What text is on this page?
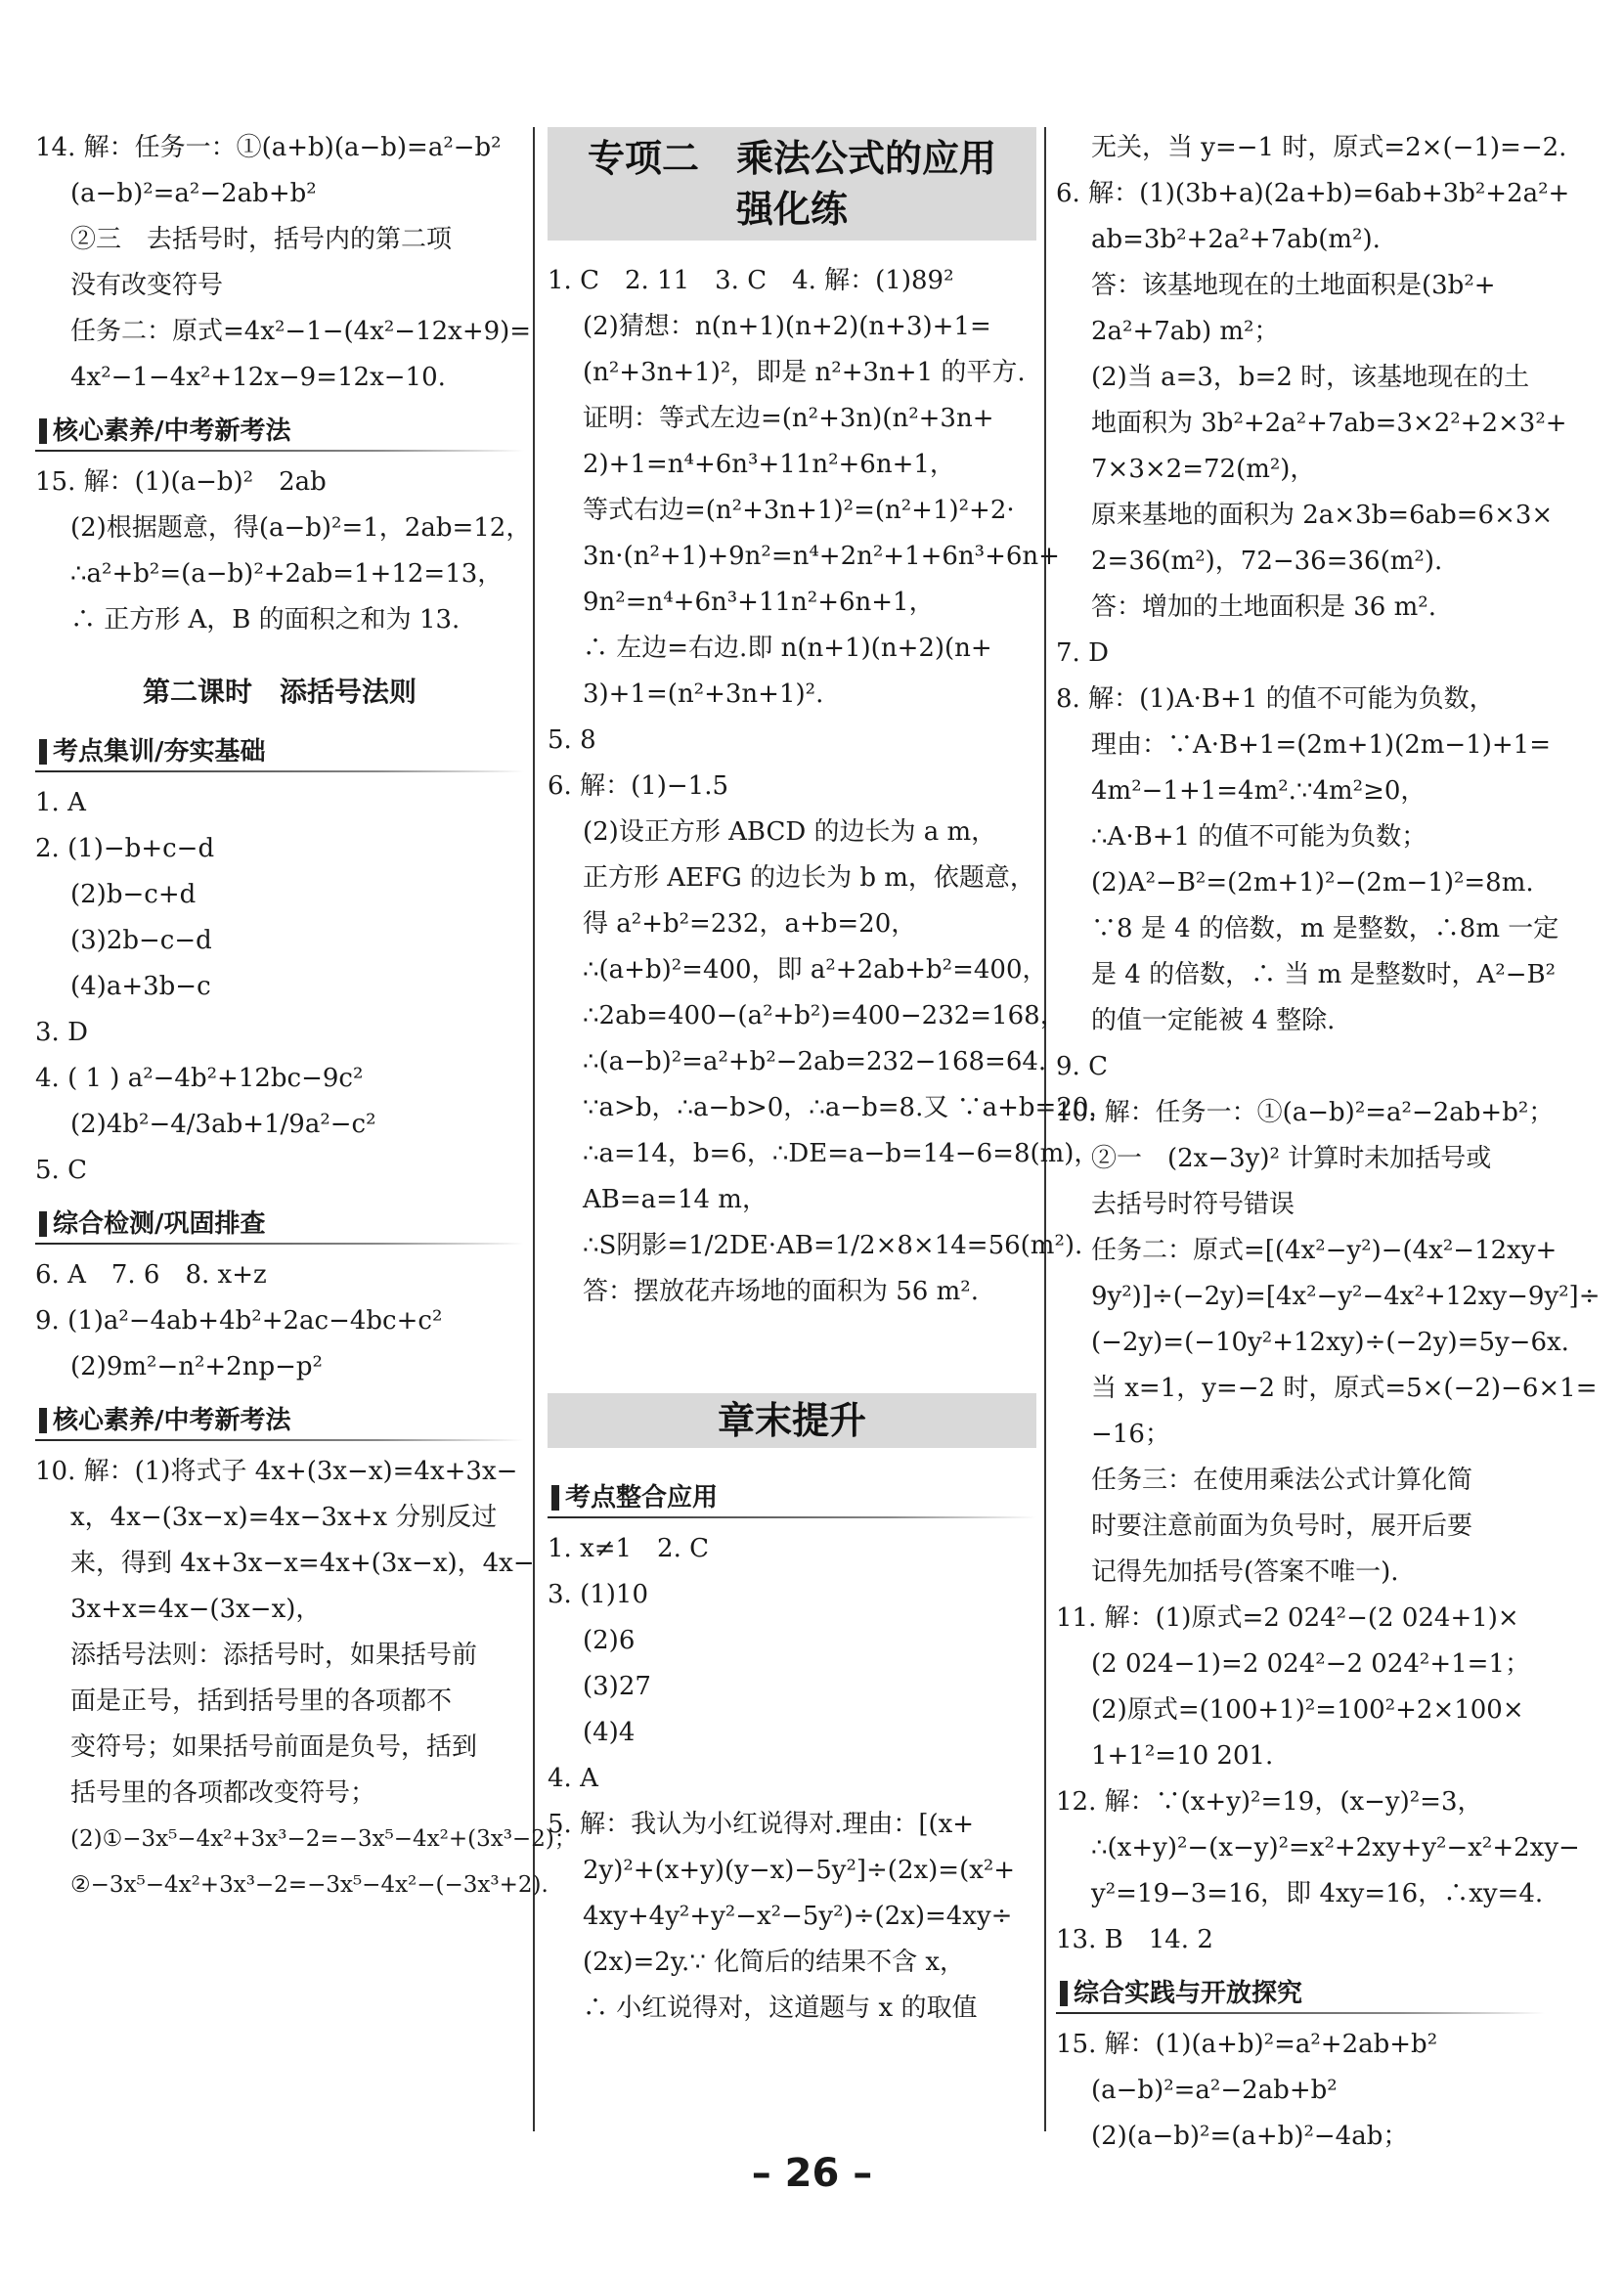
14. 解：任务一：①(a+b)(a−b)=a²−b²
(a−b)²=a²−2ab+b²
②三　去括号时，括号内的第二项
没有改变符号
任务二：原式=4x²−1−(4x²−12x+9)=
4x²−1−4x²+12x−9=12x−10.
核心素养/中考新考法
15. 解：(1)(a−b)²　2ab
(2)根据题意，得(a−b)²=1，2ab=12，
∴a²+b²=(a−b)²+2ab=1+12=13，
∴ 正方形 A，B 的面积之和为 13.
第二课时　添括号法则
考点集训/夯实基础
1. A
2. (1)−b+c−d
(2)b−c+d
(3)2b−c−d
(4)a+3b−c
3. D
4. ( 1 ) a²−4b²+12bc−9c²
(2)4b²−4/3ab+1/9a²−c²
5. C
综合检测/巩固排查
6. A　7. 6　8. x+z
9. (1)a²−4ab+4b²+2ac−4bc+c²
(2)9m²−n²+2np−p²
核心素养/中考新考法
10. 解：(1)将式子 4x+(3x−x)=4x+3x−
x，4x−(3x−x)=4x−3x+x 分别反过
来，得到 4x+3x−x=4x+(3x−x)，4x−
3x+x=4x−(3x−x)，
添括号法则：添括号时，如果括号前
面是正号，括到括号里的各项都不
变符号；如果括号前面是负号，括到
括号里的各项都改变符号；
(2)①−3x⁵−4x²+3x³−2=−3x⁵−4x²+(3x³−2)；
②−3x⁵−4x²+3x³−2=−3x⁵−4x²−(−3x³+2).
专项二　乘法公式的应用
强化练
1. C　2. 11　3. C　4. 解：(1)89²
(2)猜想：n(n+1)(n+2)(n+3)+1=
(n²+3n+1)²，即是 n²+3n+1 的平方.
证明：等式左边=(n²+3n)(n²+3n+
2)+1=n⁴+6n³+11n²+6n+1，
等式右边=(n²+3n+1)²=(n²+1)²+2·
3n·(n²+1)+9n²=n⁴+2n²+1+6n³+6n+
9n²=n⁴+6n³+11n²+6n+1，
∴ 左边=右边.即 n(n+1)(n+2)(n+
3)+1=(n²+3n+1)².
5. 8
6. 解：(1)−1.5
(2)设正方形 ABCD 的边长为 a m，
正方形 AEFG 的边长为 b m，依题意，
得 a²+b²=232，a+b=20，
∴(a+b)²=400，即 a²+2ab+b²=400，
∴2ab=400−(a²+b²)=400−232=168，
∴(a−b)²=a²+b²−2ab=232−168=64.
∵a>b，∴a−b>0，∴a−b=8.又 ∵a+b=20，
∴a=14，b=6，∴DE=a−b=14−6=8(m)，
AB=a=14 m，
∴S阴影=1/2DE·AB=1/2×8×14=56(m²).
答：摆放花卉场地的面积为 56 m².
章末提升
考点整合应用
1. x≠1　2. C
3. (1)10
(2)6
(3)27
(4)4
4. A
5. 解：我认为小红说得对.理由：[(x+
2y)²+(x+y)(y−x)−5y²]÷(2x)=(x²+
4xy+4y²+y²−x²−5y²)÷(2x)=4xy÷
(2x)=2y.∵ 化简后的结果不含 x，
∴ 小红说得对，这道题与 x 的取值
无关，当 y=−1 时，原式=2×(−1)=−2.
6. 解：(1)(3b+a)(2a+b)=6ab+3b²+2a²+
ab=3b²+2a²+7ab(m²).
答：该基地现在的土地面积是(3b²+
2a²+7ab) m²；
(2)当 a=3，b=2 时，该基地现在的土
地面积为 3b²+2a²+7ab=3×2²+2×3²+
7×3×2=72(m²)，
原来基地的面积为 2a×3b=6ab=6×3×
2=36(m²)，72−36=36(m²).
答：增加的土地面积是 36 m².
7. D
8. 解：(1)A·B+1 的值不可能为负数，
理由：∵A·B+1=(2m+1)(2m−1)+1=
4m²−1+1=4m².∵4m²≥0，
∴A·B+1 的值不可能为负数；
(2)A²−B²=(2m+1)²−(2m−1)²=8m.
∵8 是 4 的倍数，m 是整数，∴8m 一定
是 4 的倍数，∴ 当 m 是整数时，A²−B²
的值一定能被 4 整除.
9. C
10. 解：任务一：①(a−b)²=a²−2ab+b²；
②一　(2x−3y)² 计算时未加括号或
去括号时符号错误
任务二：原式=[(4x²−y²)−(4x²−12xy+
9y²)]÷(−2y)=[4x²−y²−4x²+12xy−9y²]÷
(−2y)=(−10y²+12xy)÷(−2y)=5y−6x.
当 x=1，y=−2 时，原式=5×(−2)−6×1=
−16；
任务三：在使用乘法公式计算化简
时要注意前面为负号时，展开后要
记得先加括号(答案不唯一).
11. 解：(1)原式=2 024²−(2 024+1)×
(2 024−1)=2 024²−2 024²+1=1；
(2)原式=(100+1)²=100²+2×100×
1+1²=10 201.
12. 解：∵(x+y)²=19，(x−y)²=3，
∴(x+y)²−(x−y)²=x²+2xy+y²−x²+2xy−
y²=19−3=16，即 4xy=16，∴xy=4.
13. B　14. 2
综合实践与开放探究
15. 解：(1)(a+b)²=a²+2ab+b²
(a−b)²=a²−2ab+b²
(2)(a−b)²=(a+b)²−4ab；
– 26 –
